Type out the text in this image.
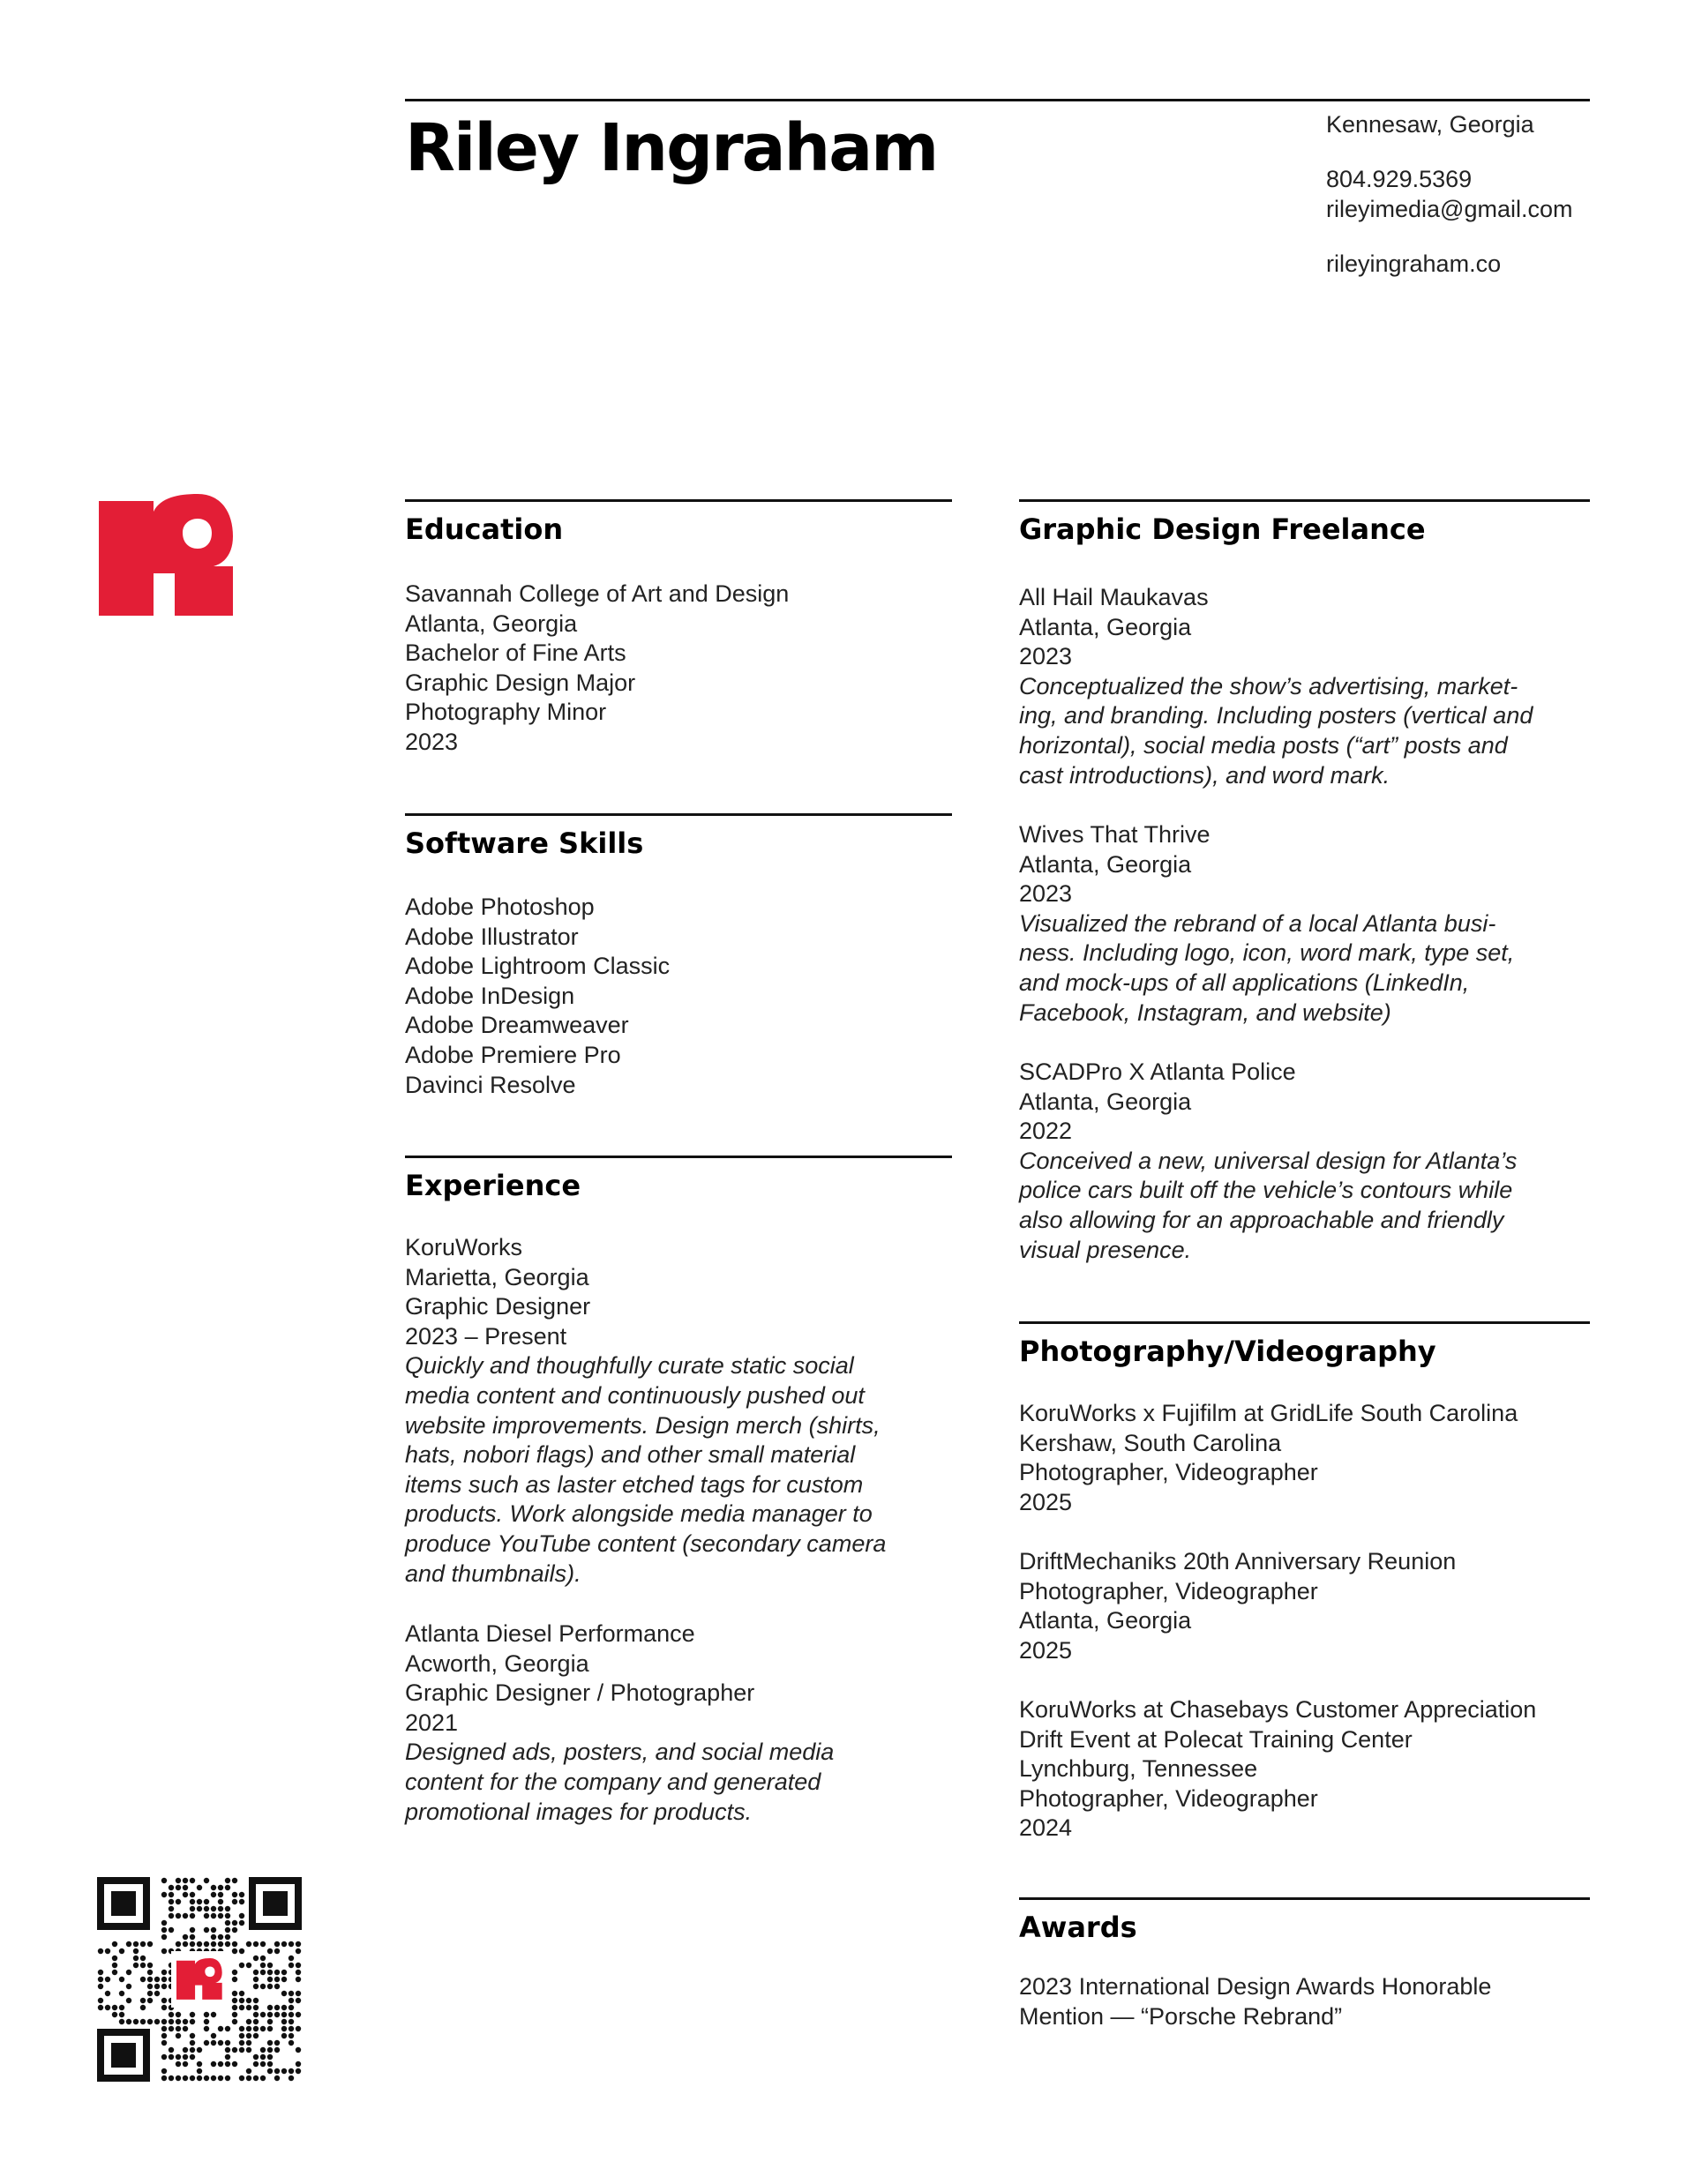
Riley Ingraham	Kennesaw, Georgia
804.929.5369
rileyimedia@gmail.com
rileyingraham.co
Education
Savannah College of Art and Design
Atlanta, Georgia
Bachelor of Fine Arts
Graphic Design Major
Photography Minor
2023
Software Skills
Adobe Photoshop
Adobe Illustrator
Adobe Lightroom Classic
Adobe InDesign
Adobe Dreamweaver
Adobe Premiere Pro
Davinci Resolve
Experience
KoruWorks
Marietta, Georgia
Graphic Designer
2023 – Present
Quickly and thoughfully curate static social
media content and continuously pushed out
website improvements. Design merch (shirts,
hats, nobori flags) and other small material
items such as laster etched tags for custom
products. Work alongside media manager to
produce YouTube content (secondary camera
and thumbnails).
Atlanta Diesel Performance
Acworth, Georgia
Graphic Designer / Photographer
2021
Designed ads, posters, and social media
content for the company and generated
promotional images for products.
Graphic Design Freelance
All Hail Maukavas
Atlanta, Georgia
2023
Conceptualized the show’s advertising, market-
ing, and branding. Including posters (vertical and
horizontal), social media posts (“art” posts and
cast introductions), and word mark.
Wives That Thrive
Atlanta, Georgia
2023
Visualized the rebrand of a local Atlanta busi-
ness. Including logo, icon, word mark, type set,
and mock-ups of all applications (LinkedIn,
Facebook, Instagram, and website)
SCADPro X Atlanta Police
Atlanta, Georgia
2022
Conceived a new, universal design for Atlanta’s
police cars built off the vehicle’s contours while
also allowing for an approachable and friendly
visual presence.
Photography/Videography
KoruWorks x Fujifilm at GridLife South Carolina
Kershaw, South Carolina
Photographer, Videographer
2025
DriftMechaniks 20th Anniversary Reunion
Photographer, Videographer
Atlanta, Georgia
2025
KoruWorks at Chasebays Customer Appreciation
Drift Event at Polecat Training Center
Lynchburg, Tennessee
Photographer, Videographer
2024
Awards
2023 International Design Awards Honorable
Mention — “Porsche Rebrand”
